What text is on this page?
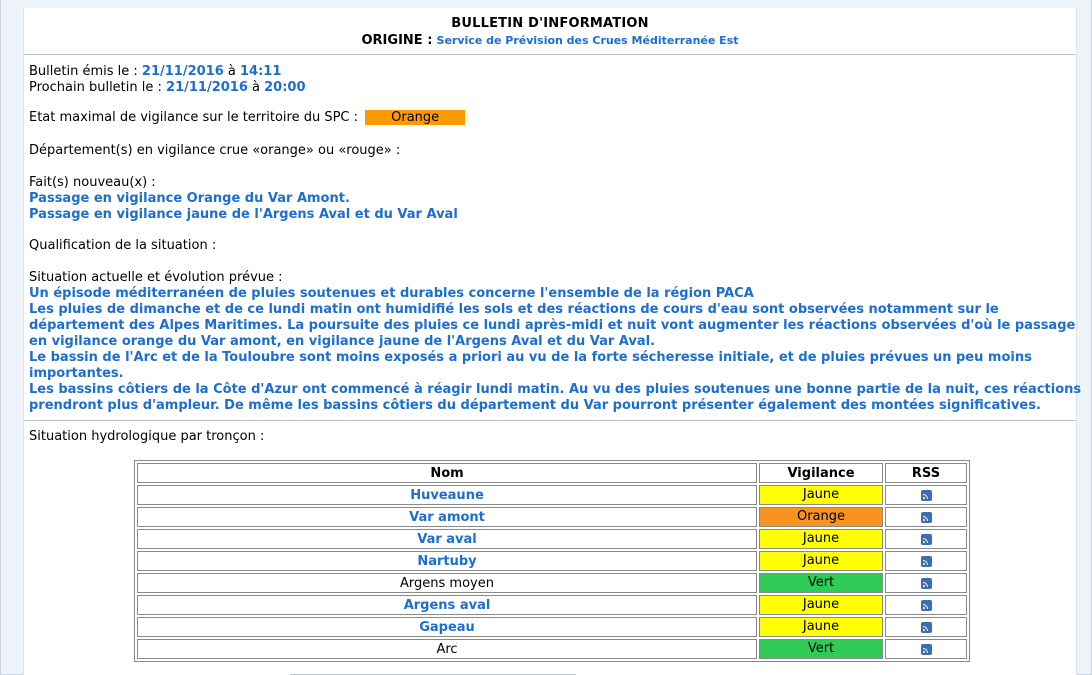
BULLETIN D'INFORMATION
ORIGINE : Service de Prévision des Crues Méditerranée Est
Bulletin émis le : 21/11/2016 à 14:11
Prochain bulletin le : 21/11/2016 à 20:00
Etat maximal de vigilance sur le territoire du SPC :	Orange
Département(s) en vigilance crue «orange» ou «rouge» :
Fait(s) nouveau(x) :
Passage en vigilance Orange du Var Amont.
Passage en vigilance jaune de l'Argens Aval et du Var Aval
Qualification de la situation :
Situation actuelle et évolution prévue :
Un épisode méditerranéen de pluies soutenues et durables concerne l'ensemble de la région PACA
Les pluies de dimanche et de ce lundi matin ont humidifié les sols et des réactions de cours d'eau sont observées notamment sur le
département des Alpes Maritimes. La poursuite des pluies ce lundi après-midi et nuit vont augmenter les réactions observées d'où le passage
en vigilance orange du Var amont, en vigilance jaune de l'Argens Aval et du Var Aval.
Le bassin de l'Arc et de la Touloubre sont moins exposés a priori au vu de la forte sécheresse initiale, et de pluies prévues un peu moins
importantes.
Les bassins côtiers de la Côte d'Azur ont commencé à réagir lundi matin. Au vu des pluies soutenues une bonne partie de la nuit, ces réactions
prendront plus d'ampleur. De même les bassins côtiers du département du Var pourront présenter également des montées significatives.
Situation hydrologique par tronçon :
Nom	Vigilance	RSS
Huveaune	Jaune	

Var amont	Orange	

Var aval	Jaune	

Nartuby	Jaune	

Argens moyen	Vert	

Argens aval	Jaune	

Gapeau	Jaune	

Arc	Vert	
